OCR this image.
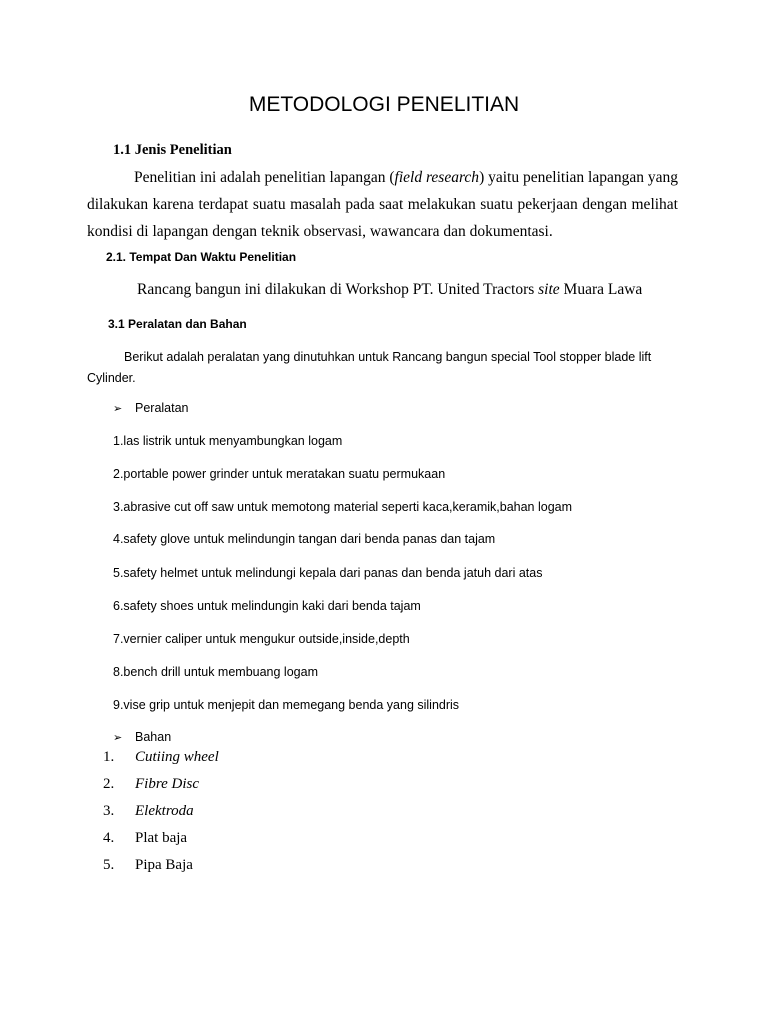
METODOLOGI PENELITIAN
1.1 Jenis Penelitian
Penelitian ini adalah penelitian lapangan (field research) yaitu penelitian lapangan yang dilakukan karena terdapat suatu masalah pada saat melakukan suatu pekerjaan dengan melihat kondisi di lapangan dengan teknik observasi, wawancara dan dokumentasi.
2.1. Tempat Dan Waktu Penelitian
Rancang bangun ini dilakukan di Workshop PT. United Tractors site Muara Lawa
3.1 Peralatan dan Bahan
Berikut adalah peralatan yang dinutuhkan untuk Rancang bangun special Tool stopper blade lift Cylinder.
➢ Peralatan
1.las listrik untuk menyambungkan logam
2.portable power grinder untuk meratakan suatu permukaan
3.abrasive cut off saw untuk memotong material seperti kaca,keramik,bahan logam
4.safety glove untuk melindungin tangan dari benda panas dan tajam
5.safety helmet untuk melindungi kepala dari panas dan benda jatuh dari atas
6.safety shoes untuk melindungin kaki dari benda tajam
7.vernier caliper untuk mengukur outside,inside,depth
8.bench drill untuk membuang logam
9.vise grip untuk menjepit dan memegang benda yang silindris
➢ Bahan
1. Cutiing wheel
2. Fibre Disc
3. Elektroda
4. Plat baja
5. Pipa Baja
